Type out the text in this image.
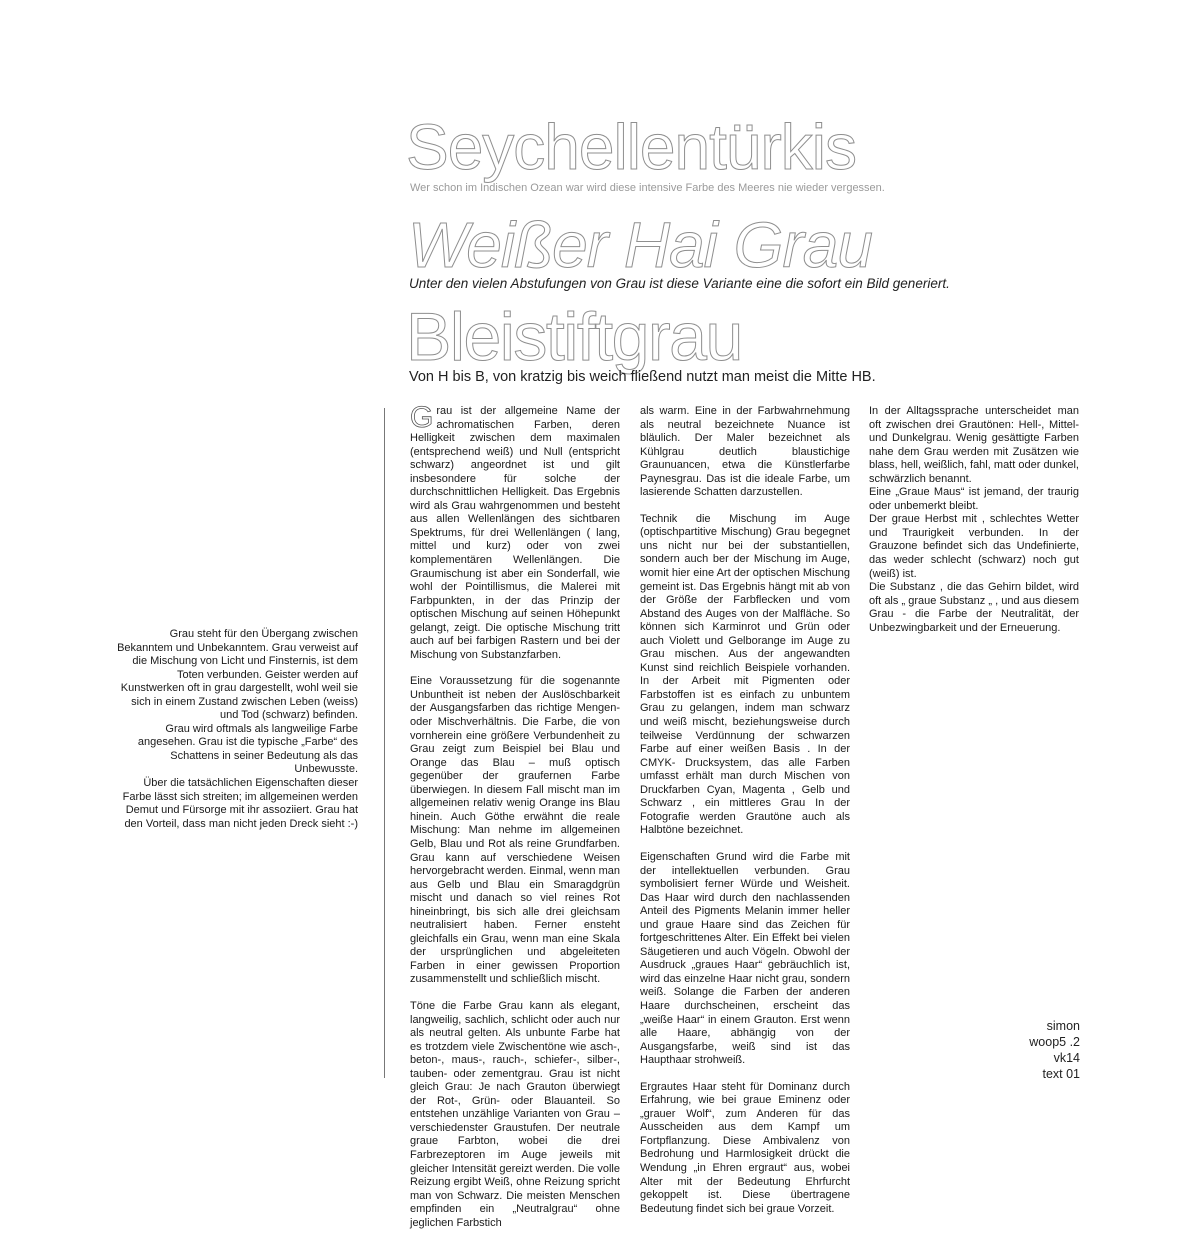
Seychellentürkis

Wer schon im Indischen Ozean war wird diese intensive Farbe des Meeres nie wieder vergessen.

Weißer Hai Grau

Unter den vielen Abstufungen von Grau ist diese Variante eine die sofort ein Bild generiert.

Bleistiftgrau

Von H bis B, von kratzig bis weich fließend nutzt man meist die Mitte HB.

Grau steht für den Übergang zwischen Bekanntem und Unbekanntem. Grau verweist auf die Mischung von Licht und Finsternis, ist dem Toten verbunden. Geister werden auf Kunstwerken oft in grau dargestellt, wohl weil sie sich in einem Zustand zwischen Leben (weiss) und Tod (schwarz) befinden.

Grau wird oftmals als langweilige Farbe angesehen. Grau ist die typische „Farbe“ des Schattens in seiner Bedeutung als das Unbewusste.

Über die tatsächlichen Eigenschaften dieser Farbe lässt sich streiten; im allgemeinen werden Demut und Fürsorge mit ihr assoziiert. Grau hat den Vorteil, dass man nicht jeden Dreck sieht :-)

Grau ist der allgemeine Name der achromatischen Farben, deren Helligkeit zwischen dem maximalen (entsprechend weiß) und Null (entspricht schwarz) angeordnet ist und gilt insbesondere für solche der durchschnittlichen Helligkeit. Das Ergebnis wird als Grau wahrgenommen und besteht aus allen Wellenlängen des sichtbaren Spektrums, für drei Wellenlängen ( lang, mittel und kurz) oder von zwei komplementären Wellenlängen. Die Graumischung ist aber ein Sonderfall, wie wohl der Pointillismus, die Malerei mit Farbpunkten, in der das Prinzip der optischen Mischung auf seinen Höhepunkt gelangt, zeigt. Die optische Mischung tritt auch auf bei farbigen Rastern und bei der Mischung von Substanzfarben.

Eine Voraussetzung für die sogenannte Unbuntheit ist neben der Auslöschbarkeit der Ausgangsfarben das richtige Mengen- oder Mischverhältnis. Die Farbe, die von vornherein eine größere Verbundenheit zu Grau zeigt zum Beispiel bei Blau und Orange das Blau – muß optisch gegenüber der graufernen Farbe überwiegen. In diesem Fall mischt man im allgemeinen relativ wenig Orange ins Blau hinein. Auch Göthe erwähnt die reale Mischung: Man nehme im allgemeinen Gelb, Blau und Rot als reine Grundfarben. Grau kann auf verschiedene Weisen hervorgebracht werden. Einmal, wenn man aus Gelb und Blau ein Smaragdgrün mischt und danach so viel reines Rot hineinbringt, bis sich alle drei gleichsam neutralisiert haben. Ferner ensteht gleichfalls ein Grau, wenn man eine Skala der ursprünglichen und abgeleiteten Farben in einer gewissen Proportion zusammenstellt und schließlich mischt.

Töne die Farbe Grau kann als elegant, langweilig, sachlich, schlicht oder auch nur als neutral gelten. Als unbunte Farbe hat es trotzdem viele Zwischentöne wie asch-, beton-, maus-, rauch-, schiefer-, silber-, tauben- oder zementgrau. Grau ist nicht gleich Grau: Je nach Grauton überwiegt der Rot-, Grün- oder Blauanteil. So entstehen unzählige Varianten von Grau – verschiedenster Graustufen. Der neutrale graue Farbton, wobei die drei Farbrezeptoren im Auge jeweils mit gleicher Intensität gereizt werden. Die volle Reizung ergibt Weiß, ohne Reizung spricht man von Schwarz. Die meisten Menschen empfinden ein „Neutralgrau“ ohne jeglichen Farbstich

als warm. Eine in der Farbwahrnehmung als neutral bezeichnete Nuance ist bläulich. Der Maler bezeichnet als Kühlgrau deutlich blaustichige Graunuancen, etwa die Künstlerfarbe Paynesgrau. Das ist die ideale Farbe, um lasierende Schatten darzustellen.

Technik die Mischung im Auge (optischpartitive Mischung) Grau begegnet uns nicht nur bei der substantiellen, sondern auch ber der Mischung im Auge, womit hier eine Art der optischen Mischung gemeint ist. Das Ergebnis hängt mit ab von der Größe der Farbflecken und vom Abstand des Auges von der Malfläche. So können sich Karminrot und Grün oder auch Violett und Gelborange im Auge zu Grau mischen. Aus der angewandten Kunst sind reichlich Beispiele vorhanden. In der Arbeit mit Pigmenten oder Farbstoffen ist es einfach zu unbuntem Grau zu gelangen, indem man schwarz und weiß mischt, beziehungsweise durch teilweise Verdünnung der schwarzen Farbe auf einer weißen Basis . In der CMYK- Drucksystem, das alle Farben umfasst erhält man durch Mischen von Druckfarben Cyan, Magenta , Gelb und Schwarz , ein mittleres Grau In der Fotografie werden Grautöne auch als Halbtöne bezeichnet.

Eigenschaften Grund wird die Farbe mit der intellektuellen verbunden. Grau symbolisiert ferner Würde und Weisheit. Das Haar wird durch den nachlassenden Anteil des Pigments Melanin immer heller und graue Haare sind das Zeichen für fortgeschrittenes Alter. Ein Effekt bei vielen Säugetieren und auch Vögeln. Obwohl der Ausdruck „graues Haar“ gebräuchlich ist, wird das einzelne Haar nicht grau, sondern weiß. Solange die Farben der anderen Haare durchscheinen, erscheint das „weiße Haar“ in einem Grauton. Erst wenn alle Haare, abhängig von der Ausgangsfarbe, weiß sind ist das Haupthaar strohweiß.

Ergrautes Haar steht für Dominanz durch Erfahrung, wie bei graue Eminenz oder „grauer Wolf“, zum Anderen für das Ausscheiden aus dem Kampf um Fortpflanzung. Diese Ambivalenz von Bedrohung und Harmlosigkeit drückt die Wendung „in Ehren ergraut“ aus, wobei Alter mit der Bedeutung Ehrfurcht gekoppelt ist. Diese übertragene Bedeutung findet sich bei graue Vorzeit.

In der Alltagssprache unterscheidet man oft zwischen drei Grautönen: Hell-, Mittel- und Dunkelgrau. Wenig gesättigte Farben nahe dem Grau werden mit Zusätzen wie blass, hell, weißlich, fahl, matt oder dunkel, schwärzlich benannt.

Eine „Graue Maus“ ist jemand, der traurig oder unbemerkt bleibt.

Der graue Herbst mit , schlechtes Wetter und Traurigkeit verbunden. In der Grauzone befindet sich das Undefinierte, das weder schlecht (schwarz) noch gut (weiß) ist.

Die Substanz , die das Gehirn bildet, wird oft als „ graue Substanz „ , und aus diesem Grau - die Farbe der Neutralität, der Unbezwingbarkeit und der Erneuerung.

simon
woop5 .2
vk14
text 01
